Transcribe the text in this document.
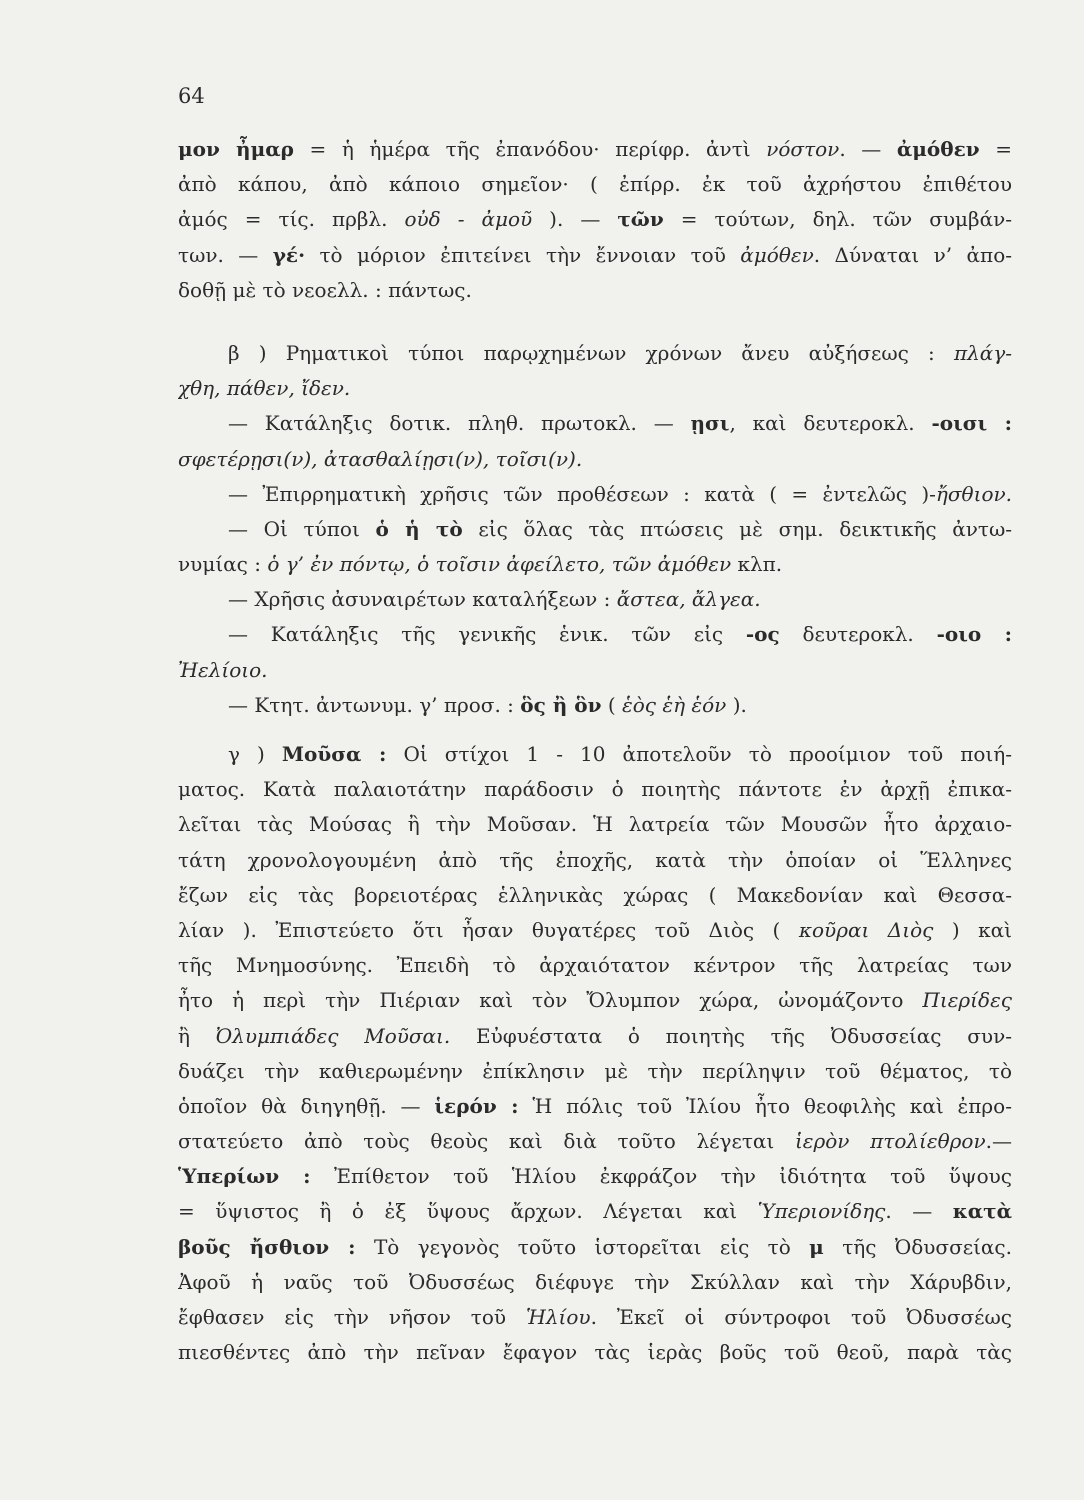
64
μον ἦμαρ = ἡ ἡμέρα τῆς ἐπανόδου· περίφρ. ἀντὶ νόστον. — ἀμόθεν =
ἀπὸ κάπου, ἀπὸ κάποιο σημεῖον· ( ἐπίρρ. ἐκ τοῦ ἀχρήστου ἐπιθέτου
ἀμός = τίς. πρβλ. οὐδ - ἀμοῦ ). — τῶν = τούτων, δηλ. τῶν συμβάν-
των. — γέ· τὸ μόριον ἐπιτείνει τὴν ἔννοιαν τοῦ ἀμόθεν. Δύναται ν’ ἀπο-
δοθῇ μὲ τὸ νεοελλ. : πάντως.
β ) Ρηματικοὶ τύποι παρῳχημένων χρόνων ἄνευ αὐξήσεως : πλάγ-
χθη, πάθεν, ἴδεν.
— Κατάληξις δοτικ. πληθ. πρωτοκλ. — ῃσι, καὶ δευτεροκλ. -οισι :
σφετέρῃσι(ν), ἀτασθαλίῃσι(ν), τοῖσι(ν).
— Ἐπιρρηματικὴ χρῆσις τῶν προθέσεων : κατὰ ( = ἐντελῶς )-ἤσθιον.
— Οἱ τύποι ὁ ἡ τὸ εἰς ὅλας τὰς πτώσεις μὲ σημ. δεικτικῆς ἀντω-
νυμίας : ὁ γ’ ἐν πόντῳ, ὁ τοῖσιν ἀφείλετο, τῶν ἀμόθεν κλπ.
— Χρῆσις ἀσυναιρέτων καταλήξεων : ἄστεα, ἄλγεα.
— Κατάληξις τῆς γενικῆς ἑνικ. τῶν εἰς -ος δευτεροκλ. -οιο :
Ἠελίοιο.
— Κτητ. ἀντωνυμ. γ’ προσ. : ὃς ἢ ὃν ( ἑὸς ἑὴ ἑόν ).
γ ) Μοῦσα : Οἱ στίχοι 1 - 10 ἀποτελοῦν τὸ προοίμιον τοῦ ποιή-
ματος. Κατὰ παλαιοτάτην παράδοσιν ὁ ποιητὴς πάντοτε ἐν ἀρχῇ ἐπικα-
λεῖται τὰς Μούσας ἢ τὴν Μοῦσαν. Ἡ λατρεία τῶν Μουσῶν ἦτο ἀρχαιο-
τάτη χρονολογουμένη ἀπὸ τῆς ἐποχῆς, κατὰ τὴν ὁποίαν οἱ Ἕλληνες
ἔζων εἰς τὰς βορειοτέρας ἑλληνικὰς χώρας ( Μακεδονίαν καὶ Θεσσα-
λίαν ). Ἐπιστεύετο ὅτι ἦσαν θυγατέρες τοῦ Διὸς ( κοῦραι Διὸς ) καὶ
τῆς Μνημοσύνης. Ἐπειδὴ τὸ ἀρχαιότατον κέντρον τῆς λατρείας των
ἦτο ἡ περὶ τὴν Πιέριαν καὶ τὸν Ὄλυμπον χώρα, ὠνομάζοντο Πιερίδες
ἢ Ὀλυμπιάδες Μοῦσαι. Εὐφυέστατα ὁ ποιητὴς τῆς Ὀδυσσείας συν-
δυάζει τὴν καθιερωμένην ἐπίκλησιν μὲ τὴν περίληψιν τοῦ θέματος, τὸ
ὁποῖον θὰ διηγηθῇ. — ἱερόν : Ἡ πόλις τοῦ Ἰλίου ἦτο θεοφιλὴς καὶ ἐπρο-
στατεύετο ἀπὸ τοὺς θεοὺς καὶ διὰ τοῦτο λέγεται ἱερὸν πτολίεθρον.—
Ὑπερίων : Ἐπίθετον τοῦ Ἡλίου ἐκφράζον τὴν ἰδιότητα τοῦ ὕψους
= ὕψιστος ἢ ὁ ἐξ ὕψους ἄρχων. Λέγεται καὶ Ὑπεριονίδης. — κατὰ
βοῦς ἤσθιον : Τὸ γεγονὸς τοῦτο ἱστορεῖται εἰς τὸ μ τῆς Ὀδυσσείας.
Ἀφοῦ ἡ ναῦς τοῦ Ὀδυσσέως διέφυγε τὴν Σκύλλαν καὶ τὴν Χάρυβδιν,
ἔφθασεν εἰς τὴν νῆσον τοῦ Ἡλίου. Ἐκεῖ οἱ σύντροφοι τοῦ Ὀδυσσέως
πιεσθέντες ἀπὸ τὴν πεῖναν ἔφαγον τὰς ἱερὰς βοῦς τοῦ θεοῦ, παρὰ τὰς
